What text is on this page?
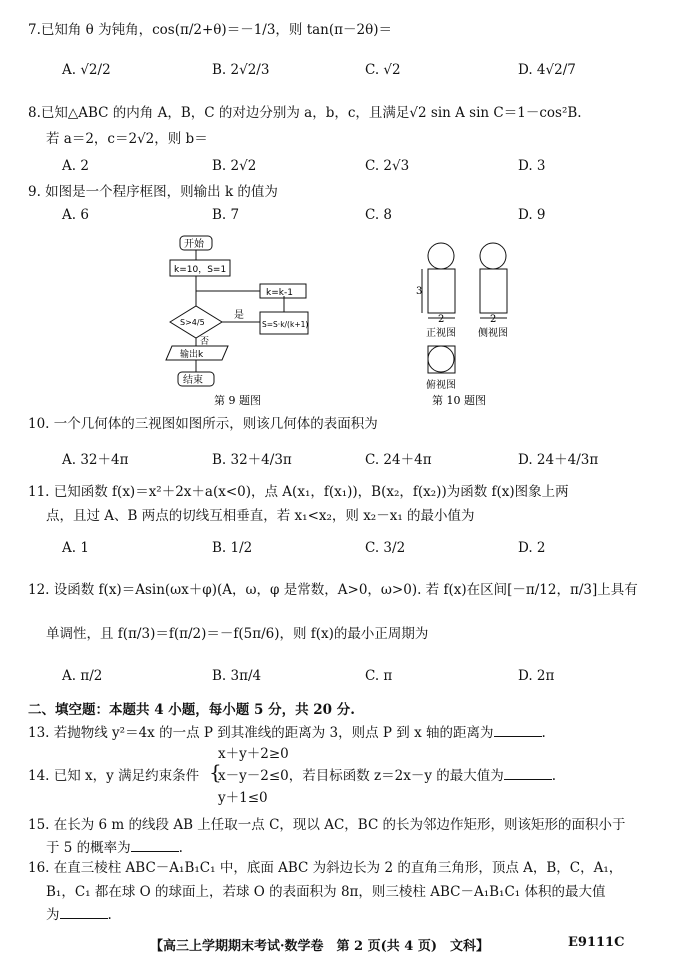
7.已知角 θ 为钝角，cos(π/2+θ)＝－1/3，则 tan(π－2θ)＝
A. √2/2	B. 2√2/3	C. √2	D. 4√2/7
8.已知△ABC 的内角 A，B，C 的对边分别为 a，b，c，且满足√2 sin A sin C＝1－cos²B.
若 a＝2，c＝2√2，则 b＝
A. 2	B. 2√2	C. 2√3	D. 3
9. 如图是一个程序框图，则输出 k 的值为
A. 6	B. 7	C. 8	D. 9
开始
k=10，S=1
S>4/5
是
否
S=S·k/(k+1)
k=k-1
输出k
结束
第 9 题图
3
2	2
正视图 侧视图
俯视图
第 10 题图
10. 一个几何体的三视图如图所示，则该几何体的表面积为
A. 32＋4π	B. 32＋4/3π	C. 24＋4π	D. 24＋4/3π
11. 已知函数 f(x)＝x²＋2x＋a(x<0)，点 A(x₁，f(x₁))，B(x₂，f(x₂))为函数 f(x)图象上两
点，且过 A、B 两点的切线互相垂直，若 x₁<x₂，则 x₂－x₁ 的最小值为
A. 1	B. 1/2	C. 3/2	D. 2
12. 设函数 f(x)＝Asin(ωx＋φ)(A，ω，φ 是常数，A>0，ω>0). 若 f(x)在区间[－π/12，π/3]上具有
单调性，且 f(π/3)＝f(π/2)＝－f(5π/6)，则 f(x)的最小正周期为
A. π/2	B. 3π/4	C. π	D. 2π
二、填空题：本题共 4 小题，每小题 5 分，共 20 分.
13. 若抛物线 y²＝4x 的一点 P 到其准线的距离为 3，则点 P 到 x 轴的距离为	.
14. 已知 x，y 满足约束条件 {
x＋y＋2≥0
x－y－2≤0，若目标函数 z＝2x－y 的最大值为	.
y＋1≤0
15. 在长为 6 m 的线段 AB 上任取一点 C，现以 AC，BC 的长为邻边作矩形，则该矩形的面积小于
于 5 的概率为	.
16. 在直三棱柱 ABC－A₁B₁C₁ 中，底面 ABC 为斜边长为 2 的直角三角形，顶点 A，B，C，A₁，
B₁，C₁ 都在球 O 的球面上，若球 O 的表面积为 8π，则三棱柱 ABC－A₁B₁C₁ 体积的最大值
为	.
【高三上学期期末考试·数学卷　第 2 页(共 4 页)　文科】	E9111C
